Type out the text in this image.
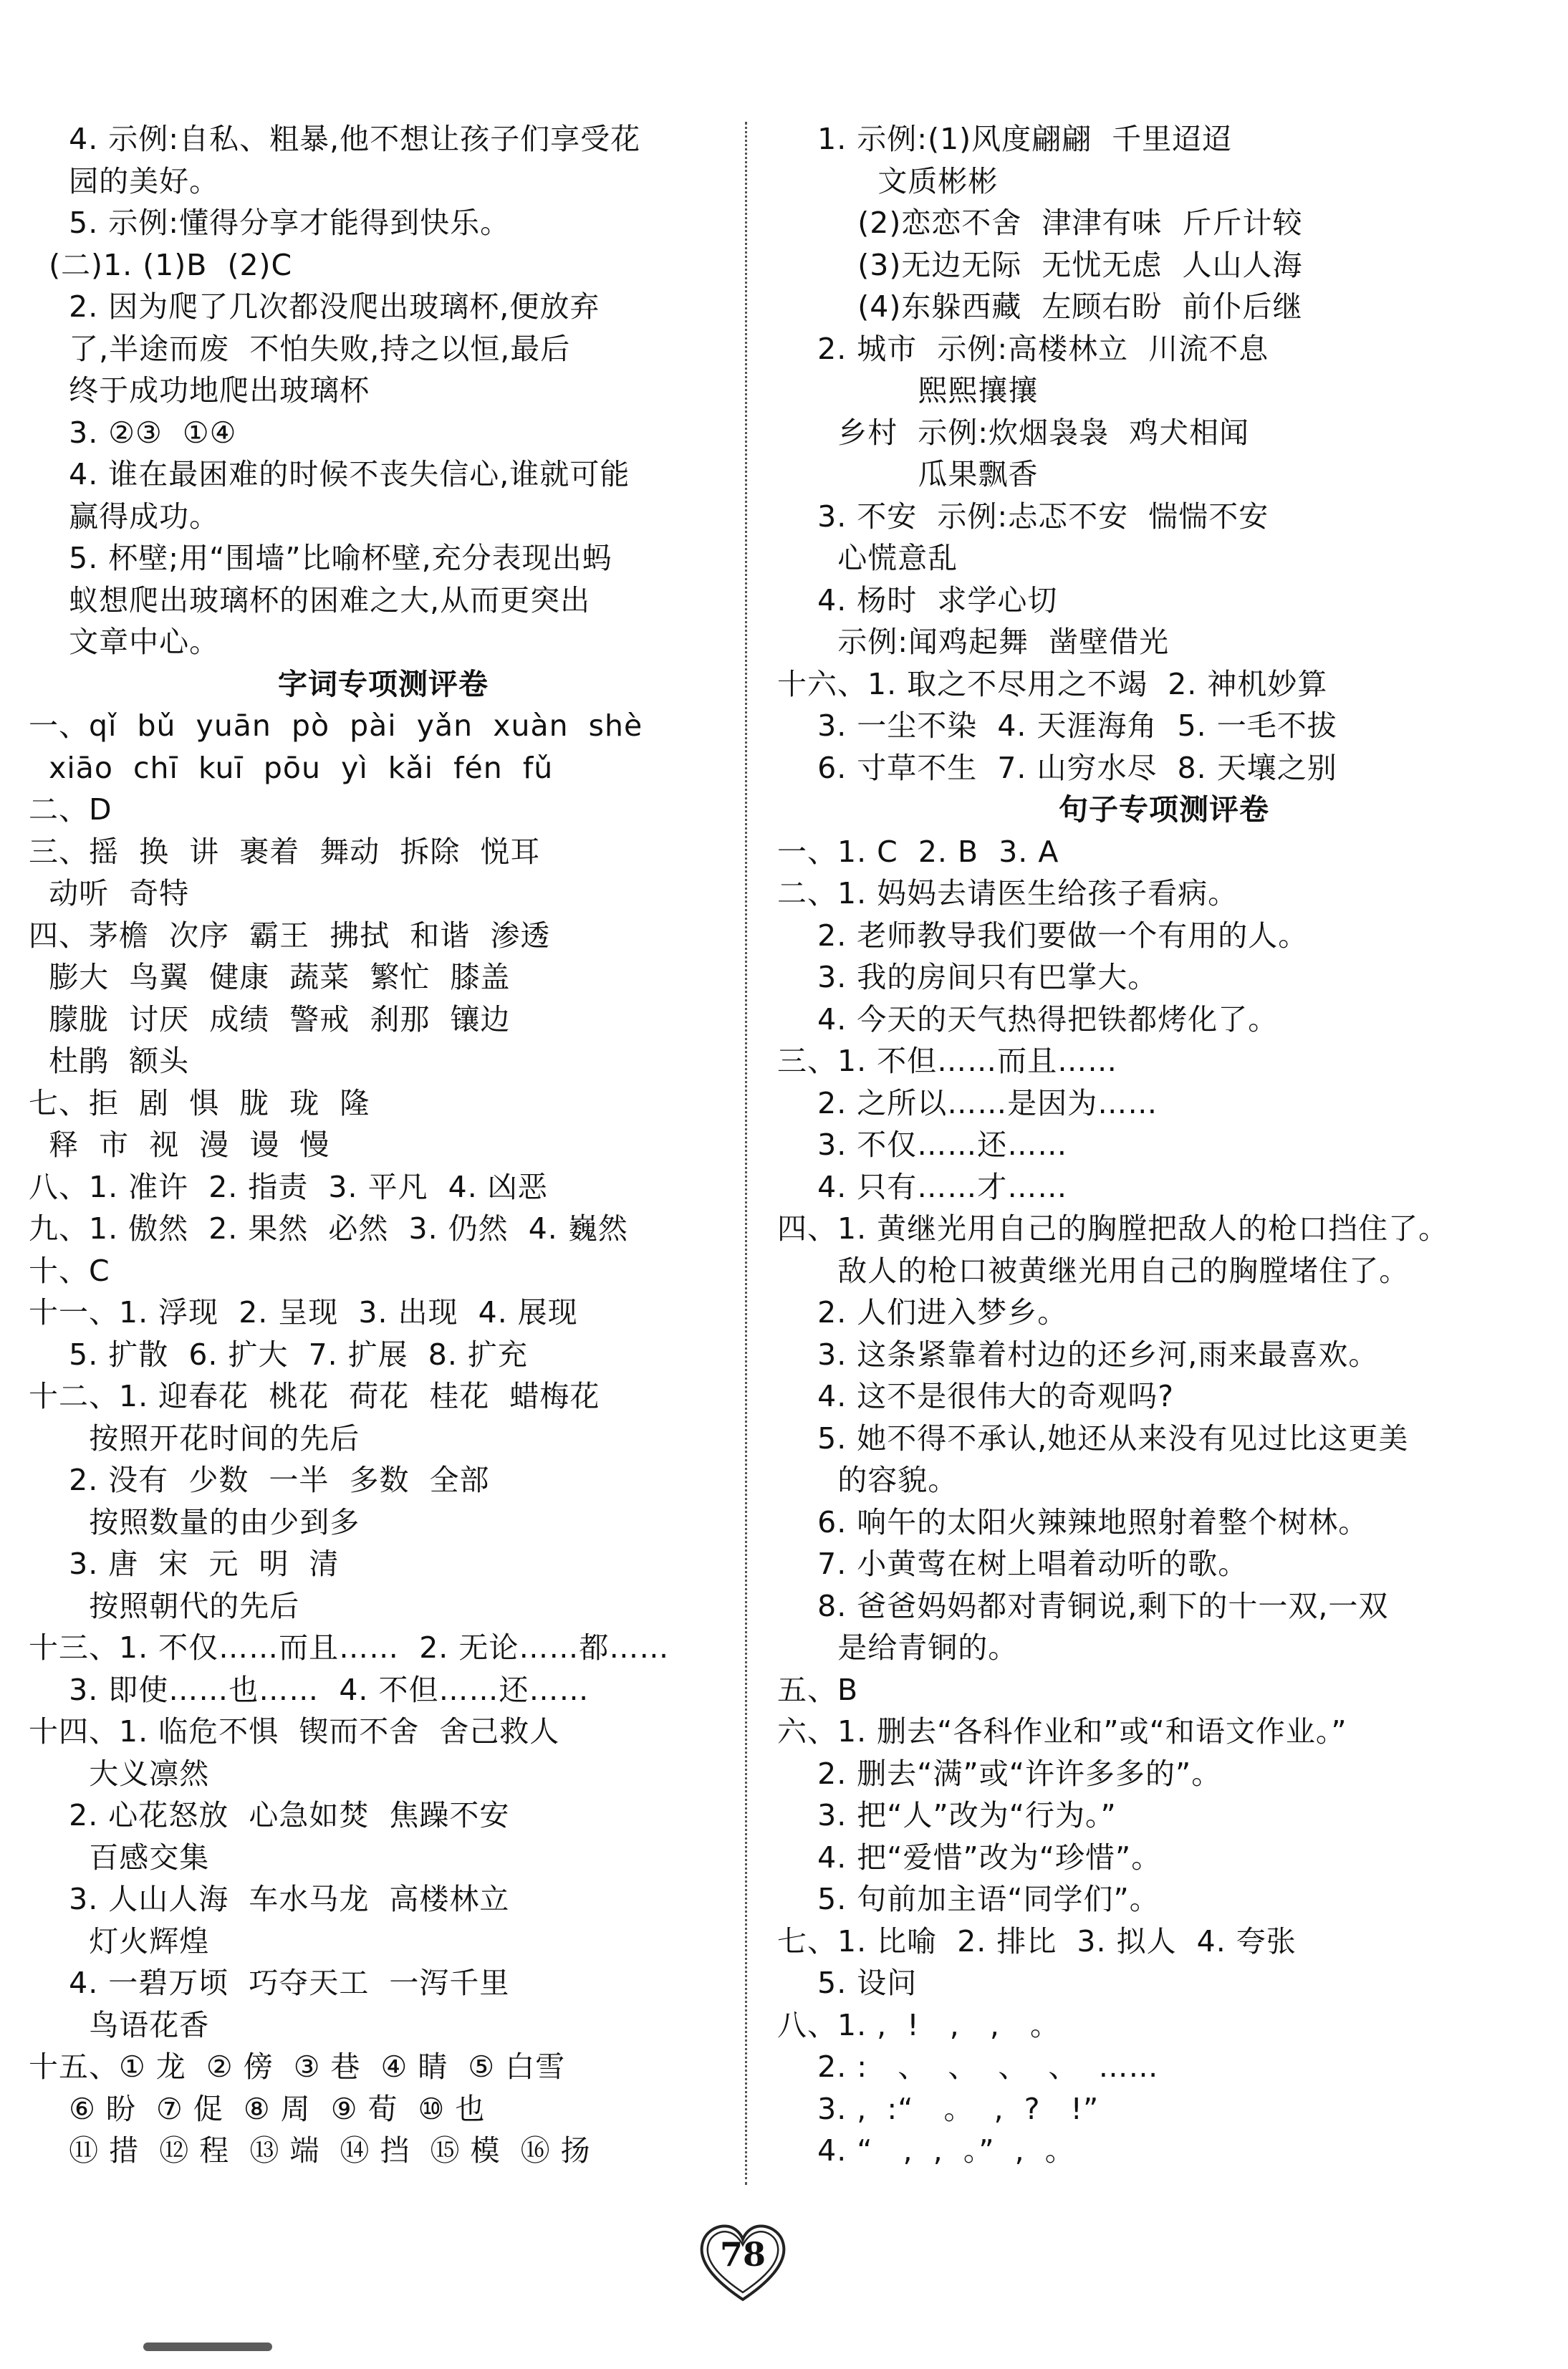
4. 示例:自私、粗暴,他不想让孩子们享受花
园的美好。
5. 示例:懂得分享才能得到快乐。
(二)1. (1)B  (2)C
2. 因为爬了几次都没爬出玻璃杯,便放弃
了,半途而废  不怕失败,持之以恒,最后
终于成功地爬出玻璃杯
3. ②③  ①④
4. 谁在最困难的时候不丧失信心,谁就可能
赢得成功。
5. 杯壁;用“围墙”比喻杯壁,充分表现出蚂
蚁想爬出玻璃杯的困难之大,从而更突出
文章中心。
字词专项测评卷
一、qǐ  bǔ  yuān  pò  pài  yǎn  xuàn  shè
xiāo  chī  kuī  pōu  yì  kǎi  fén  fǔ
二、D
三、摇  换  讲  裹着  舞动  拆除  悦耳
动听  奇特
四、茅檐  次序  霸王  拂拭  和谐  渗透
膨大  鸟翼  健康  蔬菜  繁忙  膝盖
朦胧  讨厌  成绩  警戒  刹那  镶边
杜鹃  额头
七、拒  剧  惧  胧  珑  隆
释  市  视  漫  谩  慢
八、1. 准许  2. 指责  3. 平凡  4. 凶恶
九、1. 傲然  2. 果然  必然  3. 仍然  4. 巍然
十、C
十一、1. 浮现  2. 呈现  3. 出现  4. 展现
5. 扩散  6. 扩大  7. 扩展  8. 扩充
十二、1. 迎春花  桃花  荷花  桂花  蜡梅花
按照开花时间的先后
2. 没有  少数  一半  多数  全部
按照数量的由少到多
3. 唐  宋  元  明  清
按照朝代的先后
十三、1. 不仅……而且……  2. 无论……都……
3. 即使……也……  4. 不但……还……
十四、1. 临危不惧  锲而不舍  舍己救人
大义凛然
2. 心花怒放  心急如焚  焦躁不安
百感交集
3. 人山人海  车水马龙  高楼林立
灯火辉煌
4. 一碧万顷  巧夺天工  一泻千里
鸟语花香
十五、① 龙  ② 傍  ③ 巷  ④ 睛  ⑤ 白雪
⑥ 盼  ⑦ 促  ⑧ 周  ⑨ 荀  ⑩ 也
⑪ 措  ⑫ 程  ⑬ 端  ⑭ 挡  ⑮ 模  ⑯ 扬
1. 示例:(1)风度翩翩  千里迢迢
文质彬彬
(2)恋恋不舍  津津有味  斤斤计较
(3)无边无际  无忧无虑  人山人海
(4)东躲西藏  左顾右盼  前仆后继
2. 城市  示例:高楼林立  川流不息
熙熙攘攘
乡村  示例:炊烟袅袅  鸡犬相闻
瓜果飘香
3. 不安  示例:忐忑不安  惴惴不安
心慌意乱
4. 杨时  求学心切
示例:闻鸡起舞  凿壁借光
十六、1. 取之不尽用之不竭  2. 神机妙算
3. 一尘不染  4. 天涯海角  5. 一毛不拔
6. 寸草不生  7. 山穷水尽  8. 天壤之别
句子专项测评卷
一、1. C  2. B  3. A
二、1. 妈妈去请医生给孩子看病。
2. 老师教导我们要做一个有用的人。
3. 我的房间只有巴掌大。
4. 今天的天气热得把铁都烤化了。
三、1. 不但……而且……
2. 之所以……是因为……
3. 不仅……还……
4. 只有……才……
四、1. 黄继光用自己的胸膛把敌人的枪口挡住了。
敌人的枪口被黄继光用自己的胸膛堵住了。
2. 人们进入梦乡。
3. 这条紧靠着村边的还乡河,雨来最喜欢。
4. 这不是很伟大的奇观吗?
5. 她不得不承认,她还从来没有见过比这更美
的容貌。
6. 响午的太阳火辣辣地照射着整个树林。
7. 小黄莺在树上唱着动听的歌。
8. 爸爸妈妈都对青铜说,剩下的十一双,一双
是给青铜的。
五、B
六、1. 删去“各科作业和”或“和语文作业。”
2. 删去“满”或“许许多多的”。
3. 把“人”改为“行为。”
4. 把“爱惜”改为“珍惜”。
5. 句前加主语“同学们”。
七、1. 比喻  2. 排比  3. 拟人  4. 夸张
5. 设问
八、1. ,  !   ,   ,   。
2. :   、  、  、  、  ……
3. ,  :“   。  ,  ?   !”
4. “   ,  ,  。”  ,  。
78
